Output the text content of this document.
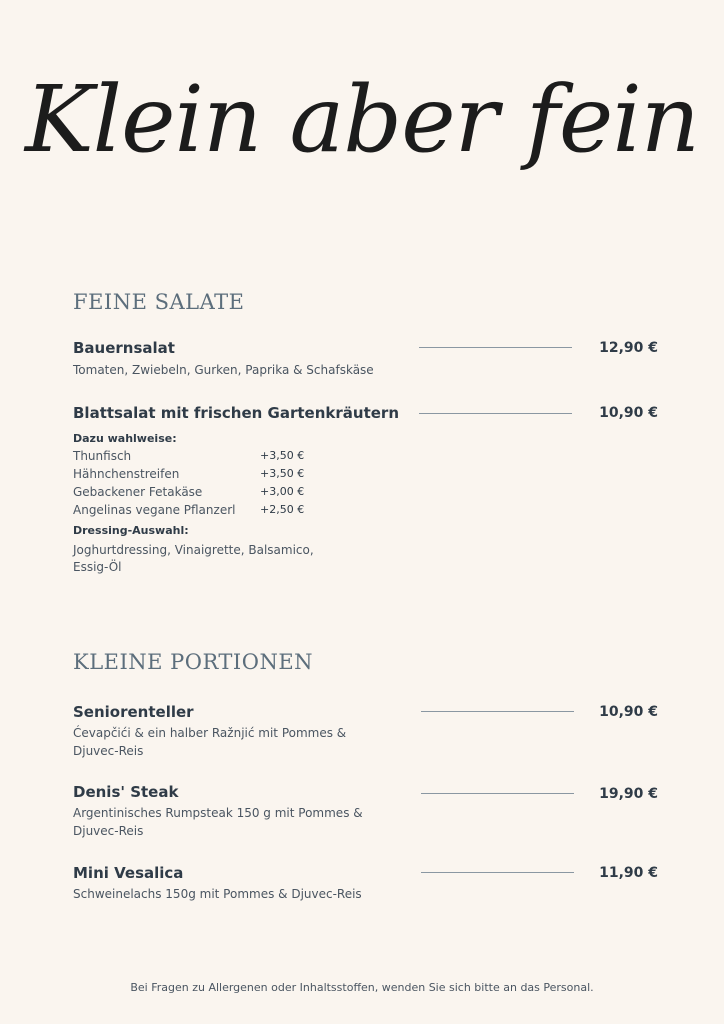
Klein aber fein
FEINE SALATE
Bauernsalat	12,90 €
Tomaten, Zwiebeln, Gurken, Paprika & Schafskäse
Blattsalat mit frischen Gartenkräutern	10,90 €
Dazu wahlweise:
Thunfisch	+3,50 €
Hähnchenstreifen	+3,50 €
Gebackener Fetakäse	+3,00 €
Angelinas vegane Pflanzerl +2,50 €
Dressing-Auswahl:
Joghurtdressing, Vinaigrette, Balsamico,
Essig-Öl
KLEINE PORTIONEN
Seniorenteller	10,90 €
Ćevapčići & ein halber Ražnjić mit Pommes &
Djuvec-Reis
Denis' Steak	19,90 €
Argentinisches Rumpsteak 150 g mit Pommes &
Djuvec-Reis
Mini Vesalica	11,90 €
Schweinelachs 150g mit Pommes & Djuvec-Reis
Bei Fragen zu Allergenen oder Inhaltsstoffen, wenden Sie sich bitte an das Personal.
